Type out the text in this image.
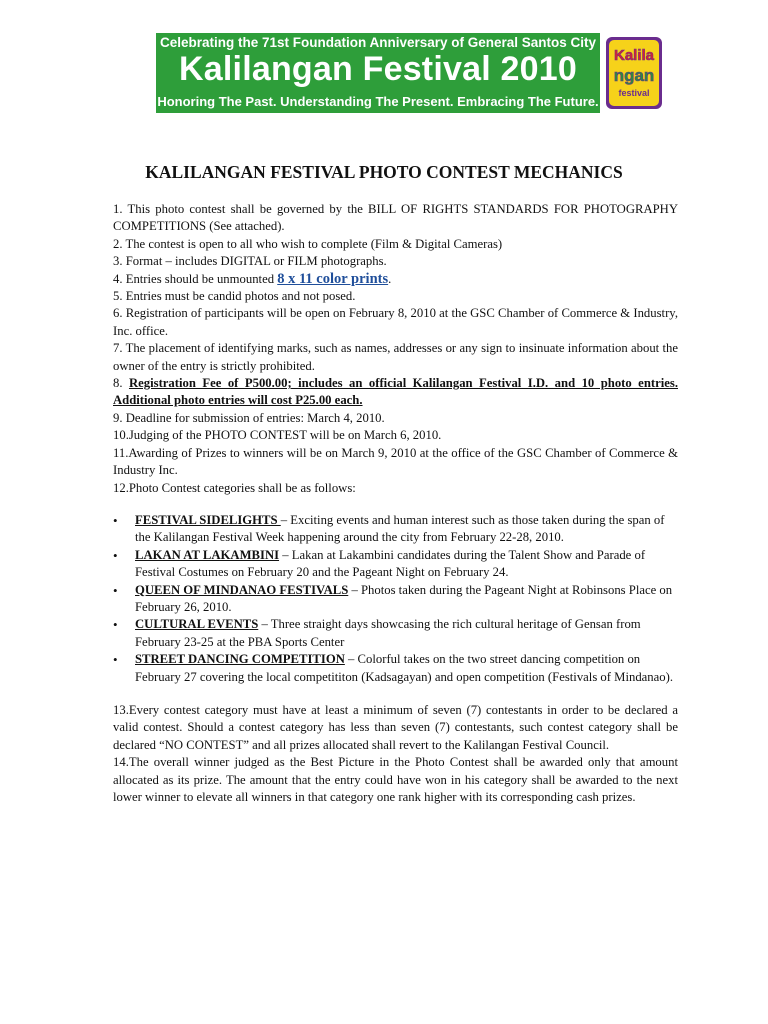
Celebrating the 71st Foundation Anniversary of General Santos City
Kalilangan Festival 2010
Honoring The Past. Understanding The Present. Embracing The Future.
Kalila
ngan
festival
KALILANGAN FESTIVAL PHOTO CONTEST MECHANICS

1. This photo contest shall be governed by the BILL OF RIGHTS STANDARDS FOR PHOTOGRAPHY COMPETITIONS (See attached).

2. The contest is open to all who wish to complete (Film & Digital Cameras)

3. Format – includes DIGITAL or FILM photographs.

4. Entries should be unmounted 8 x 11 color prints.

5. Entries must be candid photos and not posed.

6. Registration of participants will be open on February 8, 2010 at the GSC Chamber of Commerce & Industry, Inc. office.

7. The placement of identifying marks, such as names, addresses or any sign to insinuate information about the owner of the entry is strictly prohibited.

8. Registration Fee of P500.00; includes an official Kalilangan Festival I.D. and 10 photo entries. Additional photo entries will cost P25.00 each.

9. Deadline for submission of entries: March 4, 2010.

10.Judging of the PHOTO CONTEST will be on March 6, 2010.

11.Awarding of Prizes to winners will be on March 9, 2010 at the office of the GSC Chamber of Commerce & Industry Inc.

12.Photo Contest categories shall be as follows:

• FESTIVAL SIDELIGHTS – Exciting events and human interest such as those taken during the span of the Kalilangan Festival Week happening around the city from February 22-28, 2010.
• LAKAN AT LAKAMBINI – Lakan at Lakambini candidates during the Talent Show and Parade of Festival Costumes on February 20 and the Pageant Night on February 24.
• QUEEN OF MINDANAO FESTIVALS – Photos taken during the Pageant Night at Robinsons Place on February 26, 2010.
• CULTURAL EVENTS – Three straight days showcasing the rich cultural heritage of Gensan from February 23-25 at the PBA Sports Center
• STREET DANCING COMPETITION – Colorful takes on the two street dancing competition on February 27 covering the local competititon (Kadsagayan) and open competition (Festivals of Mindanao).

13.Every contest category must have at least a minimum of seven (7) contestants in order to be declared a valid contest. Should a contest category has less than seven (7) contestants, such contest category shall be declared “NO CONTEST” and all prizes allocated shall revert to the Kalilangan Festival Council.

14.The overall winner judged as the Best Picture in the Photo Contest shall be awarded only that amount allocated as its prize. The amount that the entry could have won in his category shall be awarded to the next lower winner to elevate all winners in that category one rank higher with its corresponding cash prizes.
